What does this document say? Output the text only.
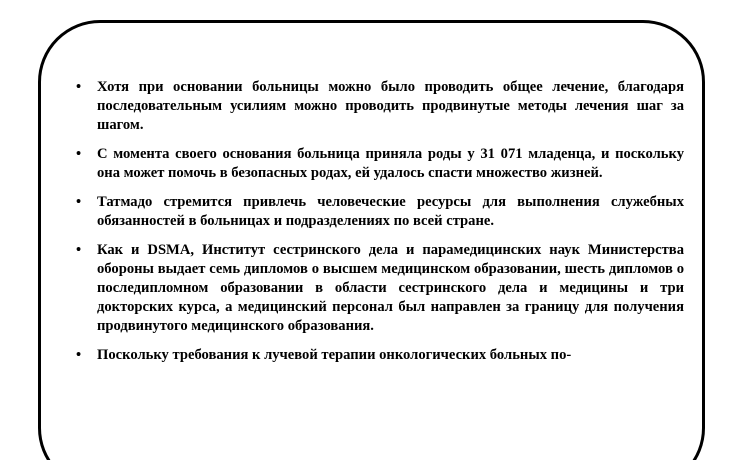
• Хотя при основании больницы можно было проводить общее лечение, благодаря последовательным усилиям можно проводить продвинутые методы лечения шаг за шагом.
• С момента своего основания больница приняла роды у 31 071 младенца, и поскольку она может помочь в безопасных родах, ей удалось спасти множество жизней.
• Татмадо стремится привлечь человеческие ресурсы для выполнения служебных обязанностей в больницах и подразделениях по всей стране.
• Как и DSMA, Институт сестринского дела и парамедицинских наук Министерства обороны выдает семь дипломов о высшем медицинском образовании, шесть дипломов о последипломном образовании в области сестринского дела и медицины и три докторских курса, а медицинский персонал был направлен за границу для получения продвинутого медицинского образования.
• Поскольку требования к лучевой терапии онкологических больных по-
